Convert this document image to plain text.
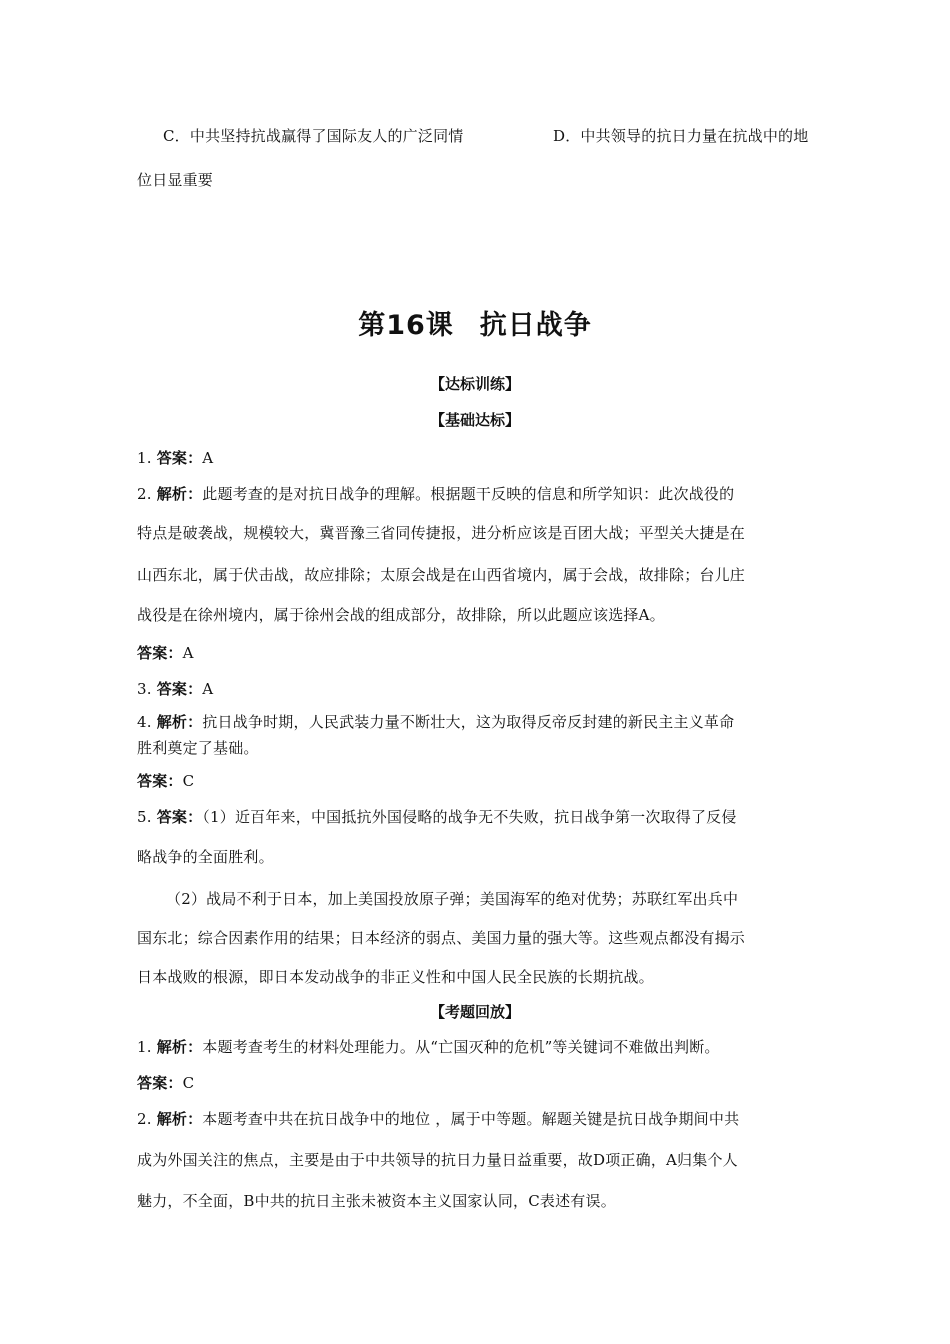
C．中共坚持抗战赢得了国际友人的广泛同情	D．中共领导的抗日力量在抗战中的地
位日显重要
第16课 抗日战争
【达标训练】
【基础达标】
1. 答案：A
2. 解析：此题考查的是对抗日战争的理解。根据题干反映的信息和所学知识：此次战役的
特点是破袭战，规模较大，冀晋豫三省同传捷报，进分析应该是百团大战；平型关大捷是在
山西东北，属于伏击战，故应排除；太原会战是在山西省境内，属于会战，故排除；台儿庄
战役是在徐州境内，属于徐州会战的组成部分，故排除，所以此题应该选择A。
答案：A
3. 答案：A
4. 解析：抗日战争时期，人民武装力量不断壮大，这为取得反帝反封建的新民主主义革命
胜利奠定了基础。
答案：C
5. 答案：（1）近百年来，中国抵抗外国侵略的战争无不失败，抗日战争第一次取得了反侵
略战争的全面胜利。
（2）战局不利于日本，加上美国投放原子弹；美国海军的绝对优势；苏联红军出兵中
国东北；综合因素作用的结果；日本经济的弱点、美国力量的强大等。这些观点都没有揭示
日本战败的根源，即日本发动战争的非正义性和中国人民全民族的长期抗战。
【考题回放】
1. 解析：本题考查考生的材料处理能力。从“亡国灭种的危机”等关键词不难做出判断。
答案：C
2. 解析：本题考查中共在抗日战争中的地位 ，属于中等题。解题关键是抗日战争期间中共
成为外国关注的焦点，主要是由于中共领导的抗日力量日益重要，故D项正确，A归集个人
魅力，不全面，B中共的抗日主张未被资本主义国家认同，C表述有误。
